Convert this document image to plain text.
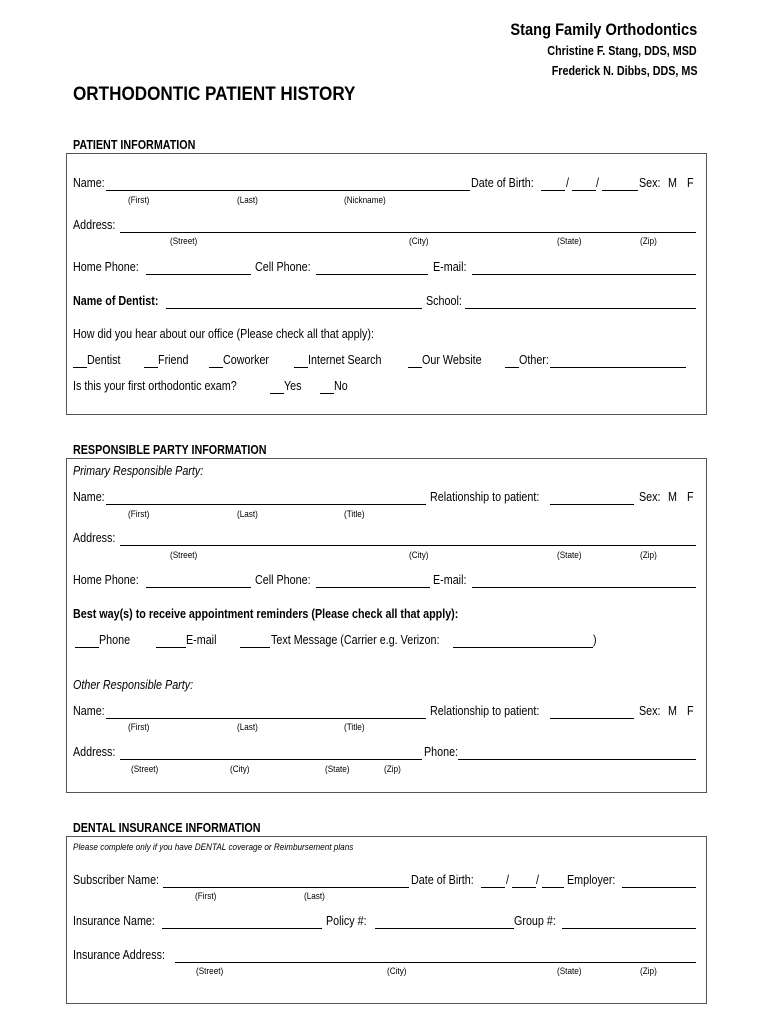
Stang Family Orthodontics
Christine F. Stang, DDS, MSD
Frederick N. Dibbs, DDS, MS
ORTHODONTIC PATIENT HISTORY
PATIENT INFORMATION
Name:	Date of Birth:	/ /	Sex: M F
(First)	(Last)	(Nickname)
Address:
(Street)	(City)	(State)	(Zip)
Home Phone:	Cell Phone:	E-mail:
Name of Dentist:	School:
How did you hear about our office (Please check all that apply):
Dentist	Friend	Coworker	Internet Search	Our Website	Other:
Is this your first orthodontic exam?	Yes	No
RESPONSIBLE PARTY INFORMATION
Primary Responsible Party:
Name:	Relationship to patient:	Sex: M F
(First)	(Last)	(Title)
Address:
(Street)	(City)	(State)	(Zip)
Home Phone:	Cell Phone:	E-mail:
Best way(s) to receive appointment reminders (Please check all that apply):
Phone	E-mail	Text Message (Carrier e.g. Verizon:	)
Other Responsible Party:
Name:	Relationship to patient:	Sex: M F
(First)	(Last)	(Title)
Address:	Phone:
(Street)	(City)	(State)	(Zip)
DENTAL INSURANCE INFORMATION
Please complete only if you have DENTAL coverage or Reimbursement plans
Subscriber Name:	Date of Birth:	/ / Employer:
(First)	(Last)
Insurance Name:	Policy #:	Group #:
Insurance Address:
(Street)	(City)	(State)	(Zip)
